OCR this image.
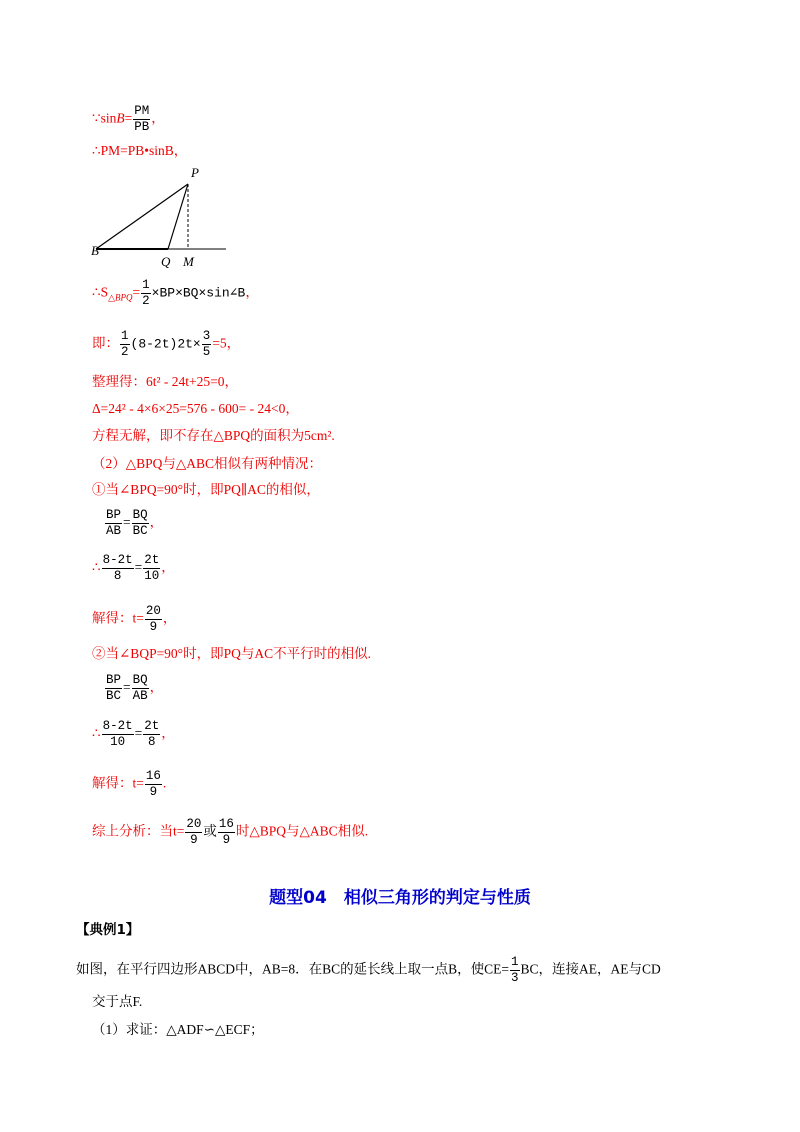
∵sinB= $\frac{PM}{PB}$ ，
∴PM=PB•sinB，
P
B
Q M
$\therefore S_{\triangle BPQ}= \frac{1}{2}$ ×BP×BQ×sin∠B，
即： $\frac{1}{2} (8-2t)2t\times \frac{3}{5} =5$，
整理得：6t² - 24t+25=0，
Δ=24² - 4×6×25=576 - 600= - 24<0，
方程无解，即不存在△BPQ的面积为5cm².
（2）△BPQ与△ABC相似有两种情况：
①当∠BPQ=90°时，即PQ∥AC的相似，
$\frac{BP}{AB} = \frac{BQ}{BC}$ ，
∴ $\frac{8-2t}{8} = \frac{2t}{10}$ ，
解得：$t= \frac{20}{9}$ ，
②当∠BQP=90°时，即PQ与AC不平行时的相似.
$\frac{BP}{BC} = \frac{BQ}{AB}$ ，
∴ $\frac{8-2t}{10} = \frac{2t}{8}$ ，
解得：$t= \frac{16}{9}$ .
综上分析：当$t= \frac{20}{9}$ 或 $\frac{16}{9}$ 时△BPQ与△ABC相似.
题型04　相似三角形的判定与性质
【典例1】
如图，在平行四边形ABCD中，AB=8．在BC的延长线上取一点B，使$CE= \frac{1}{3}$ BC，连接AE，AE与CD
交于点F.
（1）求证：△ADF∽△ECF；
